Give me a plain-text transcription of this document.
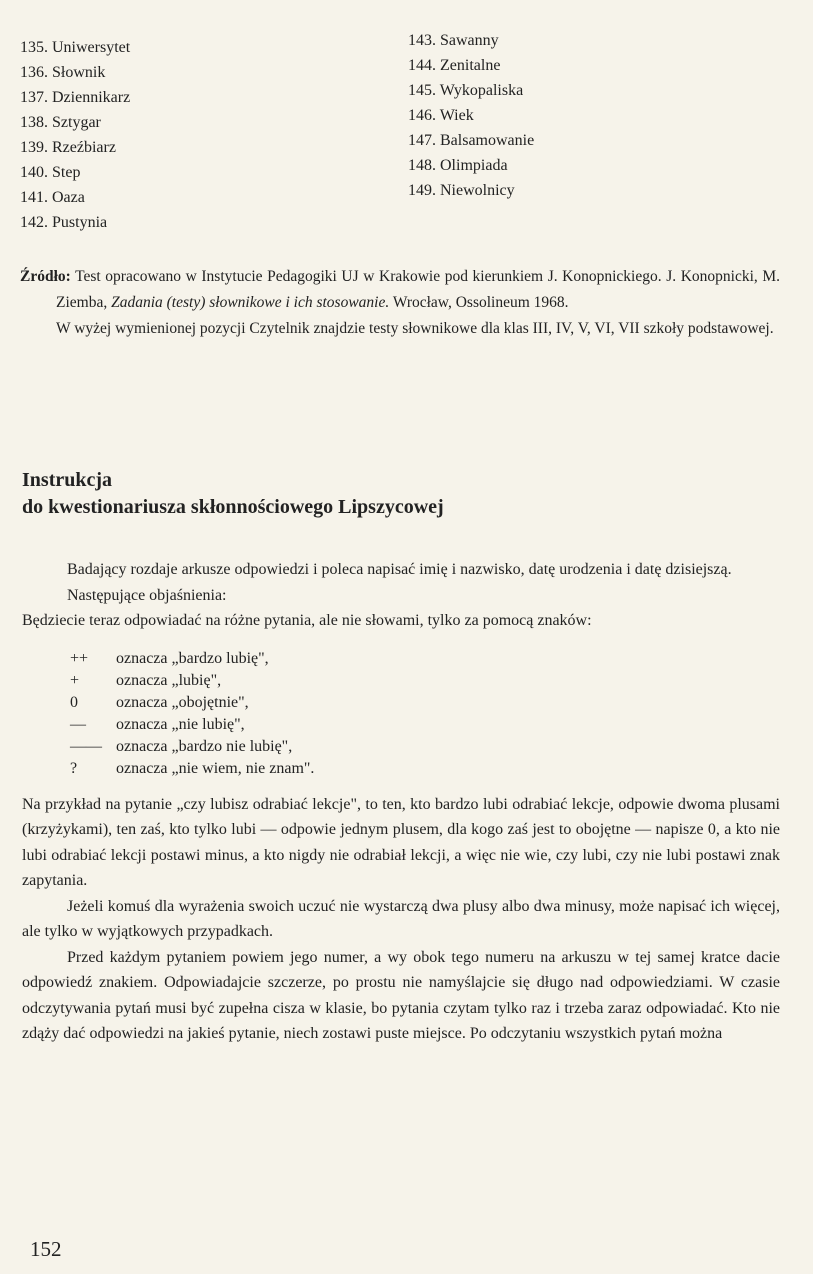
135. Uniwersytet
136. Słownik
137. Dziennikarz
138. Sztygar
139. Rzeźbiarz
140. Step
141. Oaza
142. Pustynia
143. Sawanny
144. Zenitalne
145. Wykopaliska
146. Wiek
147. Balsamowanie
148. Olimpiada
149. Niewolnicy

Źródło: Test opracowano w Instytucie Pedagogiki UJ w Krakowie pod kierunkiem J. Konopnickiego. J. Konopnicki, M. Ziemba, Zadania (testy) słownikowe i ich stosowanie. Wrocław, Ossolineum 1968.

W wyżej wymienionej pozycji Czytelnik znajdzie testy słownikowe dla klas III, IV, V, VI, VII szkoły podstawowej.

Instrukcja
do kwestionariusza skłonnościowego Lipszycowej

Badający rozdaje arkusze odpowiedzi i poleca napisać imię i nazwisko, datę urodzenia i datę dzisiejszą.

Następujące objaśnienia:

Będziecie teraz odpowiadać na różne pytania, ale nie słowami, tylko za pomocą znaków:

++	oznacza „bardzo lubię",
+	oznacza „lubię",
0	oznacza „obojętnie",
—	oznacza „nie lubię",
—— oznacza „bardzo nie lubię",
?	oznacza „nie wiem, nie znam".

Na przykład na pytanie „czy lubisz odrabiać lekcje", to ten, kto bardzo lubi odrabiać lekcje, odpowie dwoma plusami (krzyżykami), ten zaś, kto tylko lubi — odpowie jednym plusem, dla kogo zaś jest to obojętne — napisze 0, a kto nie lubi odrabiać lekcji postawi minus, a kto nigdy nie odrabiał lekcji, a więc nie wie, czy lubi, czy nie lubi postawi znak zapytania.

Jeżeli komuś dla wyrażenia swoich uczuć nie wystarczą dwa plusy albo dwa minusy, może napisać ich więcej, ale tylko w wyjątkowych przypadkach.

Przed każdym pytaniem powiem jego numer, a wy obok tego numeru na arkuszu w tej samej kratce dacie odpowiedź znakiem. Odpowiadajcie szczerze, po prostu nie namyślajcie się długo nad odpowiedziami. W czasie odczytywania pytań musi być zupełna cisza w klasie, bo pytania czytam tylko raz i trzeba zaraz odpowiadać. Kto nie zdąży dać odpowiedzi na jakieś pytanie, niech zostawi puste miejsce. Po odczytaniu wszystkich pytań można

152
